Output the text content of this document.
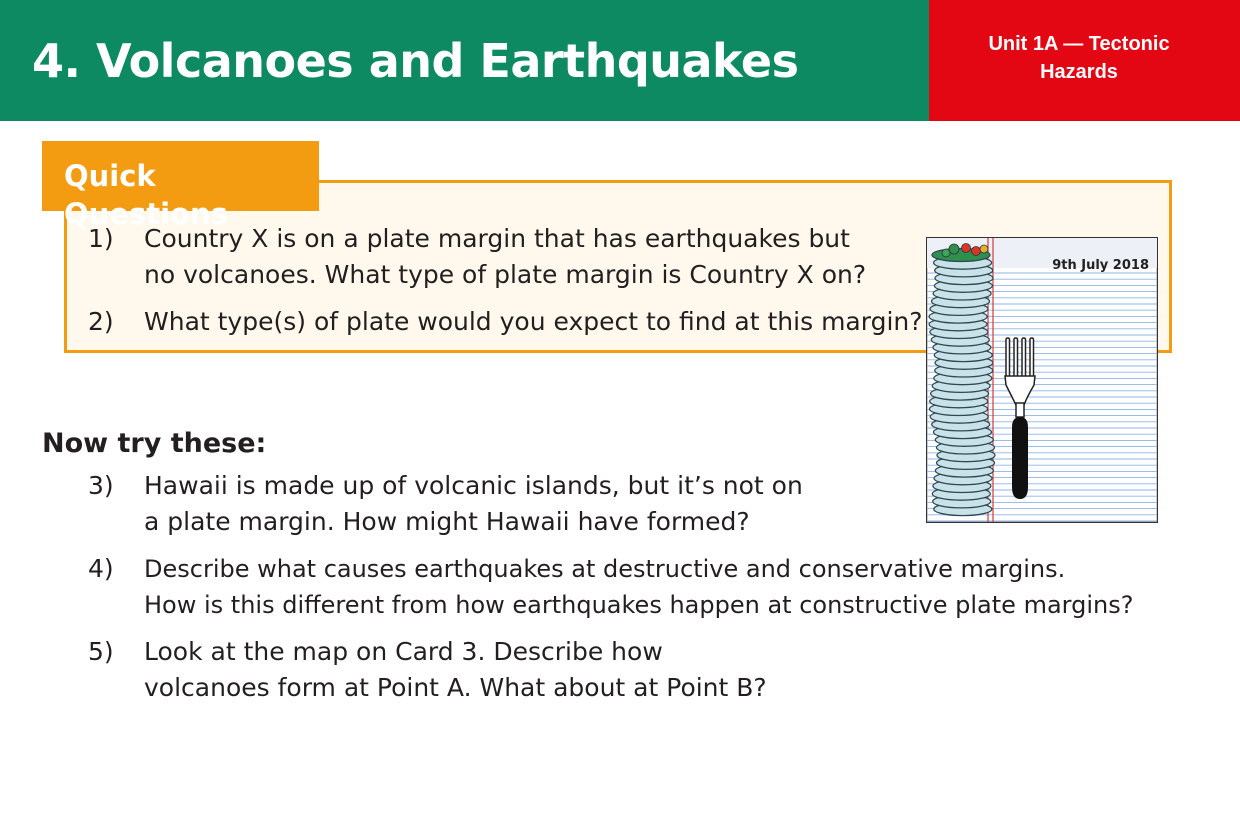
4. Volcanoes and Earthquakes	Unit 1A — Tectonic
Hazards
Quick Questions
1)	Country X is on a plate margin that has earthquakes but
no volcanoes. What type of plate margin is Country X on?
2)	What type(s) of plate would you expect to find at this margin?
Now try these:
3)	Hawaii is made up of volcanic islands, but it’s not on
a plate margin. How might Hawaii have formed?
4)	Describe what causes earthquakes at destructive and conservative margins.
How is this different from how earthquakes happen at constructive plate margins?
5)	Look at the map on Card 3. Describe how
volcanoes form at Point A. What about at Point B?
9th July 2018
